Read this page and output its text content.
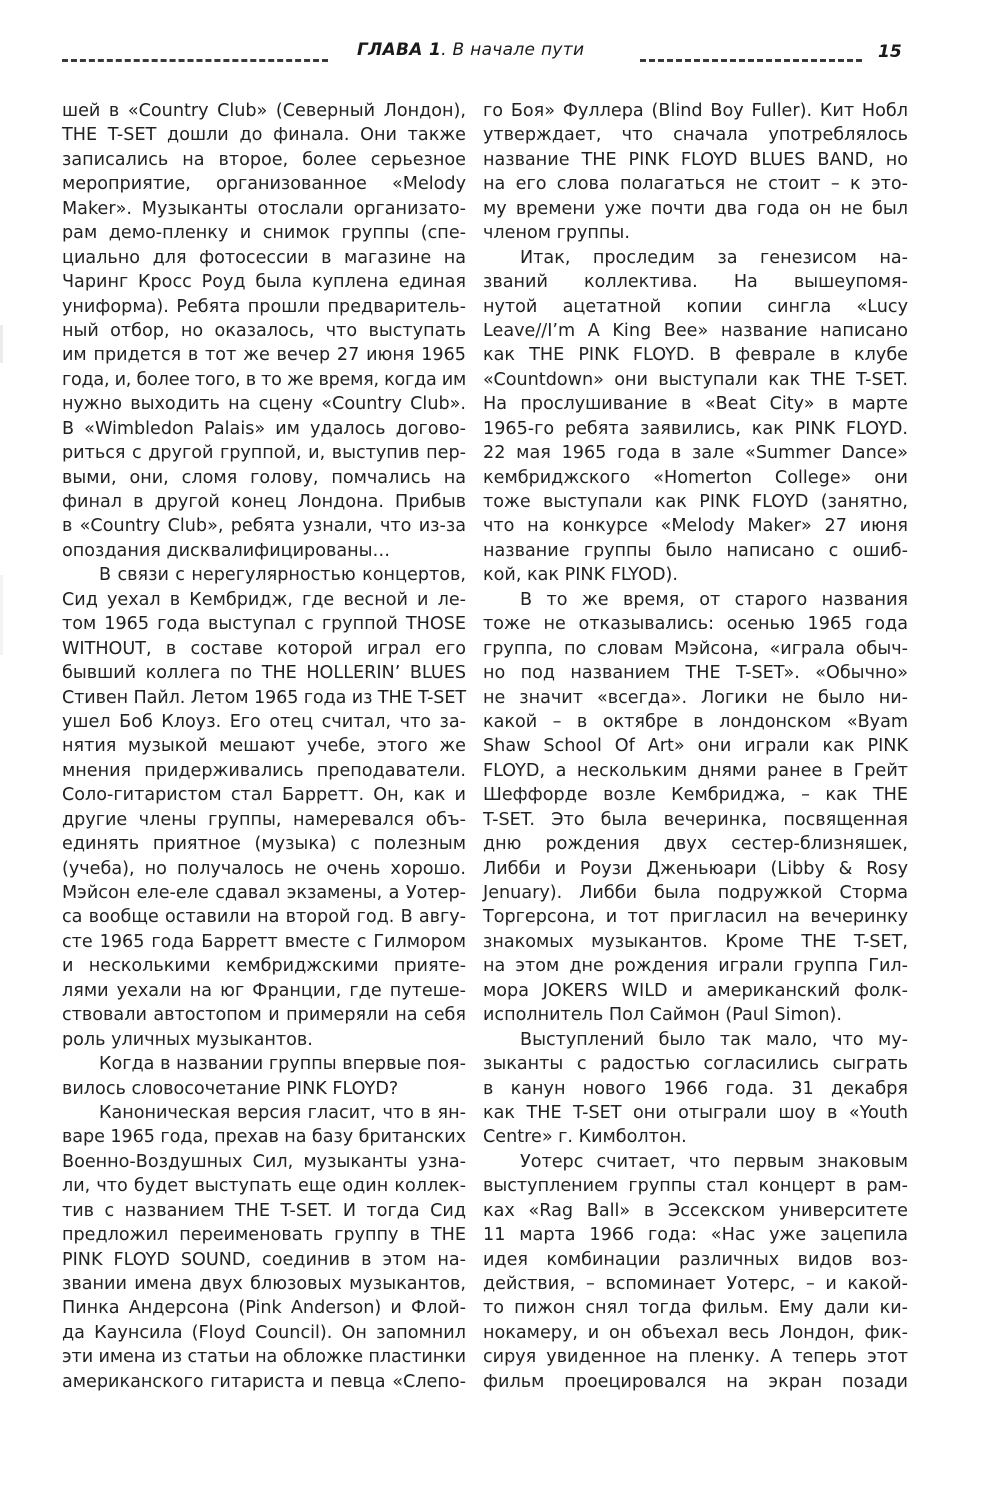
ГЛАВА 1. В начале пути	15
шей в «Country Club» (Северный Лондон),
THE T-SET дошли до финала. Они также
записались на второе, более серьезное
мероприятие, организованное «Melody
Maker». Музыканты отослали организато-
рам демо-пленку и снимок группы (спе-
циально для фотосессии в магазине на
Чаринг Кросс Роуд была куплена единая
униформа). Ребята прошли предваритель-
ный отбор, но оказалось, что выступать
им придется в тот же вечер 27 июня 1965
года, и, более того, в то же время, когда им
нужно выходить на сцену «Country Club».
В «Wimbledon Palais» им удалось догово-
риться с другой группой, и, выступив пер-
выми, они, сломя голову, помчались на
финал в другой конец Лондона. Прибыв
в «Country Club», ребята узнали, что из-за
опоздания дисквалифицированы…
В связи с нерегулярностью концертов,
Сид уехал в Кембридж, где весной и ле-
том 1965 года выступал с группой THOSE
WITHOUT, в составе которой играл его
бывший коллега по THE HOLLERIN’ BLUES
Стивен Пайл. Летом 1965 года из THE T-SET
ушел Боб Клоуз. Его отец считал, что за-
нятия музыкой мешают учебе, этого же
мнения придерживались преподаватели.
Соло-гитаристом стал Барретт. Он, как и
другие члены группы, намеревался объ-
единять приятное (музыка) с полезным
(учеба), но получалось не очень хорошо.
Мэйсон еле-еле сдавал экзамены, а Уотер-
са вообще оставили на второй год. В авгу-
сте 1965 года Барретт вместе с Гилмором
и несколькими кембриджскими прияте-
лями уехали на юг Франции, где путеше-
ствовали автостопом и примеряли на себя
роль уличных музыкантов.
Когда в названии группы впервые поя-
вилось словосочетание PINK FLOYD?
Каноническая версия гласит, что в ян-
варе 1965 года, прехав на базу британских
Военно-Воздушных Сил, музыканты узна-
ли, что будет выступать еще один коллек-
тив с названием THE T-SET. И тогда Сид
предложил переименовать группу в THE
PINK FLOYD SOUND, соединив в этом на-
звании имена двух блюзовых музыкантов,
Пинка Андерсона (Pink Anderson) и Флой-
да Каунсила (Floyd Council). Он запомнил
эти имена из статьи на обложке пластинки
американского гитариста и певца «Слепо-
го Боя» Фуллера (Blind Boy Fuller). Кит Нобл
утверждает, что сначала употреблялось
название THE PINK FLOYD BLUES BAND, но
на его слова полагаться не стоит – к это-
му времени уже почти два года он не был
членом группы.
Итак, проследим за генезисом на-
званий коллектива. На вышеупомя-
нутой ацетатной копии сингла «Lucy
Leave//I’m A King Bee» название написано
как THE PINK FLOYD. В феврале в клубе
«Countdown» они выступали как THE T-SET.
На прослушивание в «Beat City» в марте
1965-го ребята заявились, как PINK FLOYD.
22 мая 1965 года в зале «Summer Dance»
кембриджского «Homerton College» они
тоже выступали как PINK FLOYD (занятно,
что на конкурсе «Melody Maker» 27 июня
название группы было написано с ошиб-
кой, как PINK FLYOD).
В то же время, от старого названия
тоже не отказывались: осенью 1965 года
группа, по словам Мэйсона, «играла обыч-
но под названием THE T-SET». «Обычно»
не значит «всегда». Логики не было ни-
какой – в октябре в лондонском «Byam
Shaw School Of Art» они играли как PINK
FLOYD, а нескольким днями ранее в Грейт
Шеффорде возле Кембриджа, – как THE
T-SET. Это была вечеринка, посвященная
дню рождения двух сестер-близняшек,
Либби и Роузи Дженьюари (Libby & Rosy
Jenuary). Либби была подружкой Сторма
Торгерсона, и тот пригласил на вечеринку
знакомых музыкантов. Кроме THE T-SET,
на этом дне рождения играли группа Гил-
мора JOKERS WILD и американский фолк-
исполнитель Пол Саймон (Paul Simon).
Выступлений было так мало, что му-
зыканты с радостью согласились сыграть
в канун нового 1966 года. 31 декабря
как THE T-SET они отыграли шоу в «Youth
Centre» г. Кимболтон.
Уотерс считает, что первым знаковым
выступлением группы стал концерт в рам-
ках «Rag Ball» в Эссекском университете
11 марта 1966 года: «Нас уже зацепила
идея комбинации различных видов воз-
действия, – вспоминает Уотерс, – и какой-
то пижон снял тогда фильм. Ему дали ки-
нокамеру, и он объехал весь Лондон, фик-
сируя увиденное на пленку. А теперь этот
фильм проецировался на экран позади
